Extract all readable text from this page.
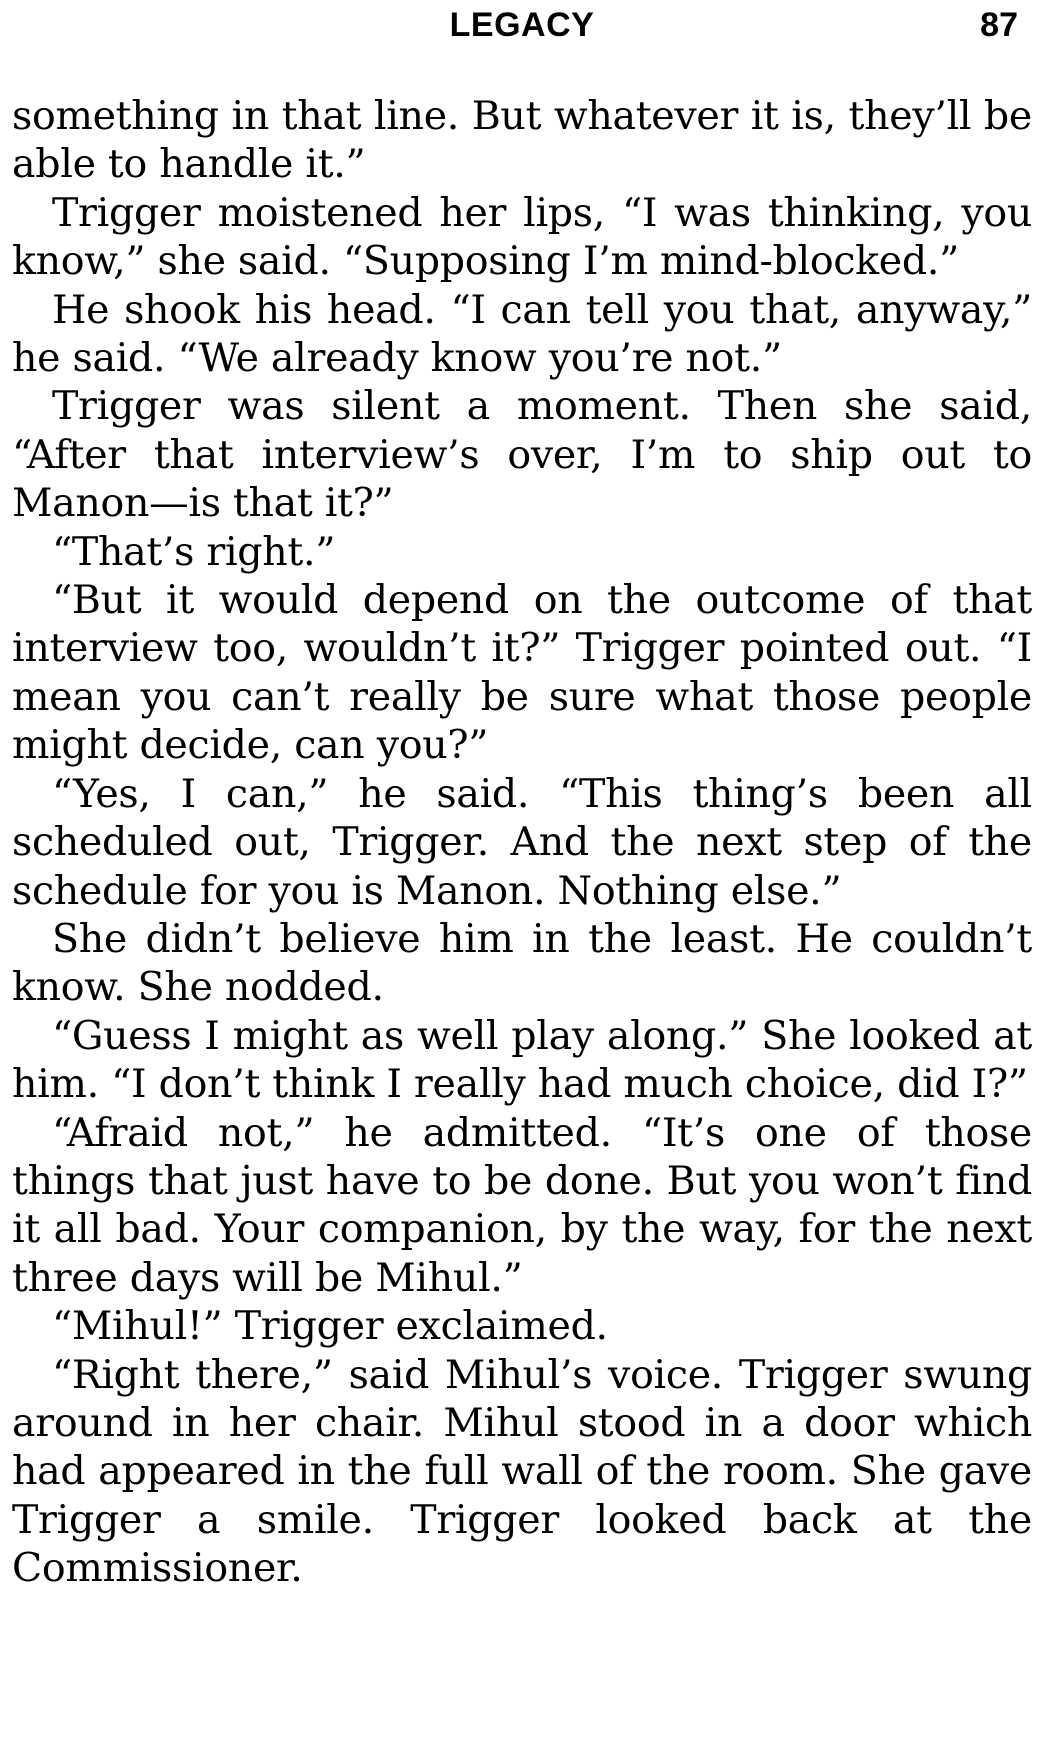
LEGACY	87

something in that line. But whatever it is, they’ll be able to handle it.”

Trigger moistened her lips, “I was thinking, you know,” she said. “Supposing I’m mind-blocked.”

He shook his head. “I can tell you that, anyway,” he said. “We already know you’re not.”

Trigger was silent a moment. Then she said, “After that interview’s over, I’m to ship out to Manon—is that it?”

“That’s right.”

“But it would depend on the outcome of that interview too, wouldn’t it?” Trigger pointed out. “I mean you can’t really be sure what those people might decide, can you?”

“Yes, I can,” he said. “This thing’s been all scheduled out, Trigger. And the next step of the schedule for you is Manon. Nothing else.”

She didn’t believe him in the least. He couldn’t know. She nodded.

“Guess I might as well play along.” She looked at him. “I don’t think I really had much choice, did I?”

“Afraid not,” he admitted. “It’s one of those things that just have to be done. But you won’t find it all bad. Your companion, by the way, for the next three days will be Mihul.”

“Mihul!” Trigger exclaimed.

“Right there,” said Mihul’s voice. Trigger swung around in her chair. Mihul stood in a door which had appeared in the full wall of the room. She gave Trigger a smile. Trigger looked back at the Commissioner.
